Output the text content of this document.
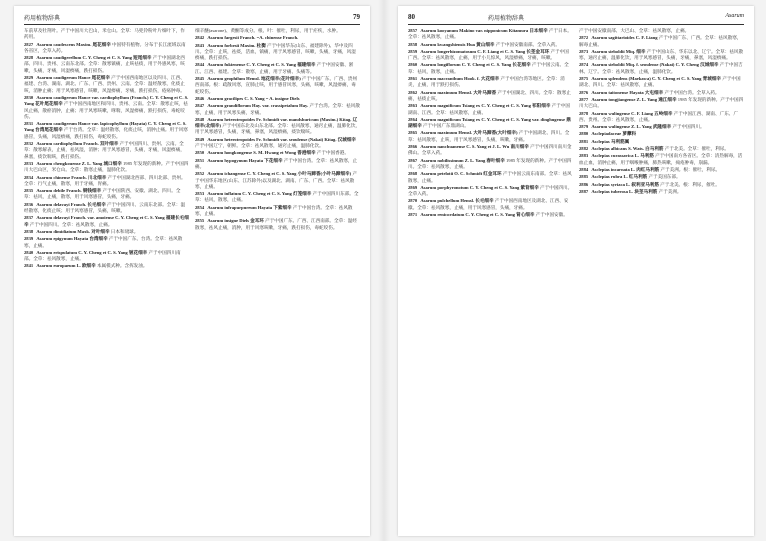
药用植物辞典	79
车前草及牡荆叶。产于中国川大巴山，米仓山。全草：马兜铃粉叶片细叶下，作药用。
2827 Asarum caudescens Maxim. 尾花细辛 中国特有植物。分布于长江流域以南各省区，全草入药。
2828 Asarum caudigerellum C. Y. Cheng et C. S. Yang 短尾细辛 产于中国湖北西部、四川、贵州、云南东北部。全草：散寒镇痛，止咳祛痰，用于外感风寒，咳嗽，头痛，牙痛，风湿痹痛，跌打损伤。
2829 Asarum caudigerum Hance 尾花细辛 产于中国西南地区以及四川、江西、福建、台湾、湖南、湖北、广东、广西、贵州、云南。全草：温经散寒，化痰止咳，消肿止痛；用于风寒感冒，咳嗽，风湿痹痛，牙痛，跌打损伤，疮疡肿毒。
2830 Asarum caudigerum Hance var. cardiophyllum (Franch.) C. Y. Cheng et C. S. Yang 花叶尾花细辛 产于中国西南地区和四川、贵州、云南。全草：散寒止咳，祛风止痛，散瘀消肿，止痛；用于风寒咳嗽，哮喘，风湿痹痛，跌打损伤，毒蛇咬伤。
2831 Asarum caudigerum Hance var. lapicophyllum (Hayata) C. Y. Cheng et C. S. Yang 台湾尾花细辛 产于台湾。全草：温经散寒，化痰止咳，消肿止痛。用于风寒感冒，头痛，风湿痹痛，跌打损伤，毒蛇咬伤。
2832 Asarum cardiophyllum Franch. 双叶细辛 产于中国四川、贵州、云南。全草：散寒解表，止痛，祛风湿，消肿；用于风寒感冒，头痛，牙痛，风湿痹痛，鼻塞，痰饮喘咳，跌打损伤。
2833 Asarum chengkouense Z. L. Yang 城口细辛 1985 年发现的新种。产于中国四川大巴山区，米仓山。全草：散寒止痛，温肺化饮。
2834 Asarum chinense Franch. 川北细辛 产于中国湖北西部、四川北部、贵州。全草：行气止痛，散寒，用于牙痛，胃痛。
2835 Asarum debile Franch. 铜钱细辛 产于中国陕西、安徽、湖北、四川。全草：祛风，止痛，散寒，用于风寒感冒，头痛，牙痛。
2836 Asarum delavayi Franch. 长毛细辛 产于中国四川、云南东北部。全草：温经散寒，化痰止咳；用于风寒感冒，头痛，咳嗽。
2837 Asarum delavayi Franch. var. amoiense C. Y. Cheng et C. S. Yang 福建长毛细辛 产于中国四川。全草：祛风散寒，止痛。
2838 Asarum dimidiatum Maxk. 对叶细辛 日本和琉球。
2839 Asarum epigynum Hayata 台湾细辛 产于中国广东、台湾。全草：祛风散寒，止痛。
2840 Asarum erispulatum C. Y. Cheng et C. S. Yang 皱花细辛 产于中国四川南部。全草：祛风散寒，止痛。
2841 Asarum europaeum L. 欧细辛 本属模式种。含挥发油。
细辛醚(asarone)、黄酮等成分。根、叶：催吐，利尿，用于疟疾，水肿。
2842 Asarum fargesii Franch. =A. chinense Franch.
2843 Asarum forbesii Maxim. 杜衡 产于中国华东(山东、福建除外)、华中及四川。全草：止咳，祛痰，活血，镇痛，用于风寒感冒，咳嗽，头痛，牙痛，风湿痹痛，跌打损伤。
2844 Asarum fukienense C. Y. Cheng et C. S. Yang 福建细辛 产于中国安徽、浙江、江西、福建。全草：散寒，止痛，用于牙痛、头痛等。
2845 Asarum geophilum Hemsl. 地花细辛(花叶细辛) 产于中国广东、广西、贵州西南部。根：疏散风寒，宣肺止咳，用于感冒风寒，头痛，咳嗽，风湿痹痛，毒蛇咬伤。
2846 Asarum gracilipes C. S. Yang = A. insigne Diels
2847 Asarum grandiflorum Hay. var. crassipetalum Hay. 产于台湾。全草：祛风散寒，止痛，用于风寒头痛，牙痛。
2848 Asarum heterotropoides Fr. Schmidt var. mandshuricum (Maxim.) Kitag. 辽细辛(北细辛) 产于中国东北及山东北部。全草：祛风散寒，通窍止痛，温肺化饮，用于风寒感冒，头痛，牙痛，鼻塞，风湿痹痛，痰饮喘咳。
2849 Asarum heterotropoides Fr. Schmidt var. seoulense (Nakai) Kitag. 汉城细辛 产于中国辽宁，朝鲜。全草：祛风散寒，通窍止痛，温肺化饮。
2850 Asarum hongkongense S. M. Hwang et Wong 香港细辛 产于中国香港。
2851 Asarum hypogynum Hayata 下花细辛 产于中国台湾。全草：祛风散寒，止痛。
2852 Asarum ichangense C. Y. Cheng et C. S. Yang 小叶马蹄香(小叶马蹄细辛) 产于中国华东地区(山东、江苏除外)以及湖北、湖南、广东、广西。全草：祛风散寒，止痛。
2853 Asarum inflatum C. Y. Cheng et C. S. Yang 灯笼细辛 产于中国四川东部。全草：祛风，散寒，止痛。
2854 Asarum infrapurpureum Hayata 下紫细辛 产于中国台湾。全草：祛风散寒，止痛。
2855 Asarum insigne Diels 金耳环 产于中国广东、广西、江西南部。全草：温经散寒，祛风止痛，消肿，用于风寒咳嗽，牙痛，跌打损伤，毒蛇咬伤。
80	药用植物辞典	Asarum
2857 Asarum kooyanum Makino var. nipponicum Kitamura 日本细辛 产于日本。全草：祛风散寒，止痛。
2858 Asarum kwangshiensis Hua 黄山细辛 产于中国安徽南部。全草入药。
2859 Asarum longerhizomatosum C. F. Liang et C. S. Yang 长茎金耳环 产于中国广西。全草：祛风散寒，止痛，用于小儿惊风，风湿痹痛，牙痛，咳嗽。
2860 Asarum longiflorum C. Y. Cheng et C. S. Yang 长花细辛 产于中国云南。全草：祛风，散寒，止痛。
2861 Asarum macranthum Hook. f. 大花细辛 产于中国台湾等地区。全草：消炎，止痛，用于跌打损伤。
2862 Asarum maximum Hemsl. 大叶马蹄香 产于中国湖北、四川。全草：散寒止痛，祛痰止咳。
2863 Asarum magnificum Tsiang ex C. Y. Cheng et C. S. Yang 祁阳细辛 产于中国湖南、江西。全草：祛风散寒，止痛。
2864 Asarum magnificum Tsiang ex C. Y. Cheng et C. S. Yang var. dinghugense 鼎湖细辛 产于中国广东鼎湖山。
2865 Asarum maximum Hemsl. 大叶马蹄香(大叶细辛) 产于中国湖北、四川。全草：祛风散寒，止咳，用于风寒感冒，头痛，咳嗽，牙痛。
2866 Asarum nanchuanense C. S. Yang et J. L. Wu 南川细辛 产于中国四川南川金佛山。全草入药。
2867 Asarum nobilissimum Z. L. Yang 春叶细辛 1985 年发现的新种。产于中国四川。全草：祛风散寒，止痛。
2868 Asarum petelotii O. C. Schmidt 红金耳环 产于中国云南东南部。全草：祛风散寒，止痛。
2869 Asarum porphyronotum C. Y. Cheng et C. S. Yang 紫背细辛 产于中国四川。全草入药。
2870 Asarum pulchellum Hemsl. 长毛细辛 产于中国西南地区及湖北、江西、安徽。全草：祛风散寒，止痛，用于风寒感冒，头痛，牙痛。
2871 Asarum renicordatum C. Y. Cheng et C. S. Yang 肾心细辛 产于中国安徽。
产于中国安徽南部、大巴山、全草：祛风散寒，止痛。
2872 Asarum sagittarioides C. F. Liang 产于中国广东、广西。全草：祛风散寒，解毒止痛。
2873 Asarum sieboldii Miq. 细辛 产于中国山东、华东以北、辽宁。全草：祛风散寒，通窍止痛，温肺化饮，用于风寒感冒，头痛，牙痛，鼻塞，风湿痹痛。
2874 Asarum sieboldii Miq. f. seoulense (Nakai) C. Y. Cheng 汉城细辛 产于中国吉林、辽宁。全草：祛风散寒，止痛，温肺化饮。
2875 Asarum splendens (Maekawa) C. Y. Cheng et C. S. Yang 青城细辛 产于中国湖北、四川。全草：祛风散寒，止痛。
2876 Asarum taitonense Hayata 大屯细辛 产于中国台湾。全草入药。
2877 Asarum tongjiangense Z. L. Yang 通江细辛 1985 年发现的新种。产于中国四川大巴山。
2878 Asarum wulingense C. F. Liang 五岭细辛 产于中国江西、湖南、广东、广西、贵州。全草：祛风散寒，止痛。
2879 Asarum wulingense Z. L. Yang 武隆细辛 产于中国四川。
2880 Asclepiadaceae 萝藦科
2881 Asclepias 马利筋属
2882 Asclepias albicans S. Wats. 白马利筋 产于北美。全草：催吐，利尿。
2883 Asclepias curassavica L. 马利筋 产于中国南方各省区。全草：清热解毒，活血止血，消肿止痛，用于咽喉肿痛，肺热咳嗽，痈疮肿毒，崩漏。
2884 Asclepias incarnata L. 肉红马利筋 产于美洲。根：催吐，利尿。
2885 Asclepias rubra L. 红马利筋 产于美国东部。
2886 Asclepias syriaca L. 叙利亚马利筋 产于北美。根：利尿，催吐。
2887 Asclepias tuberosa L. 块茎马利筋 产于美洲。
